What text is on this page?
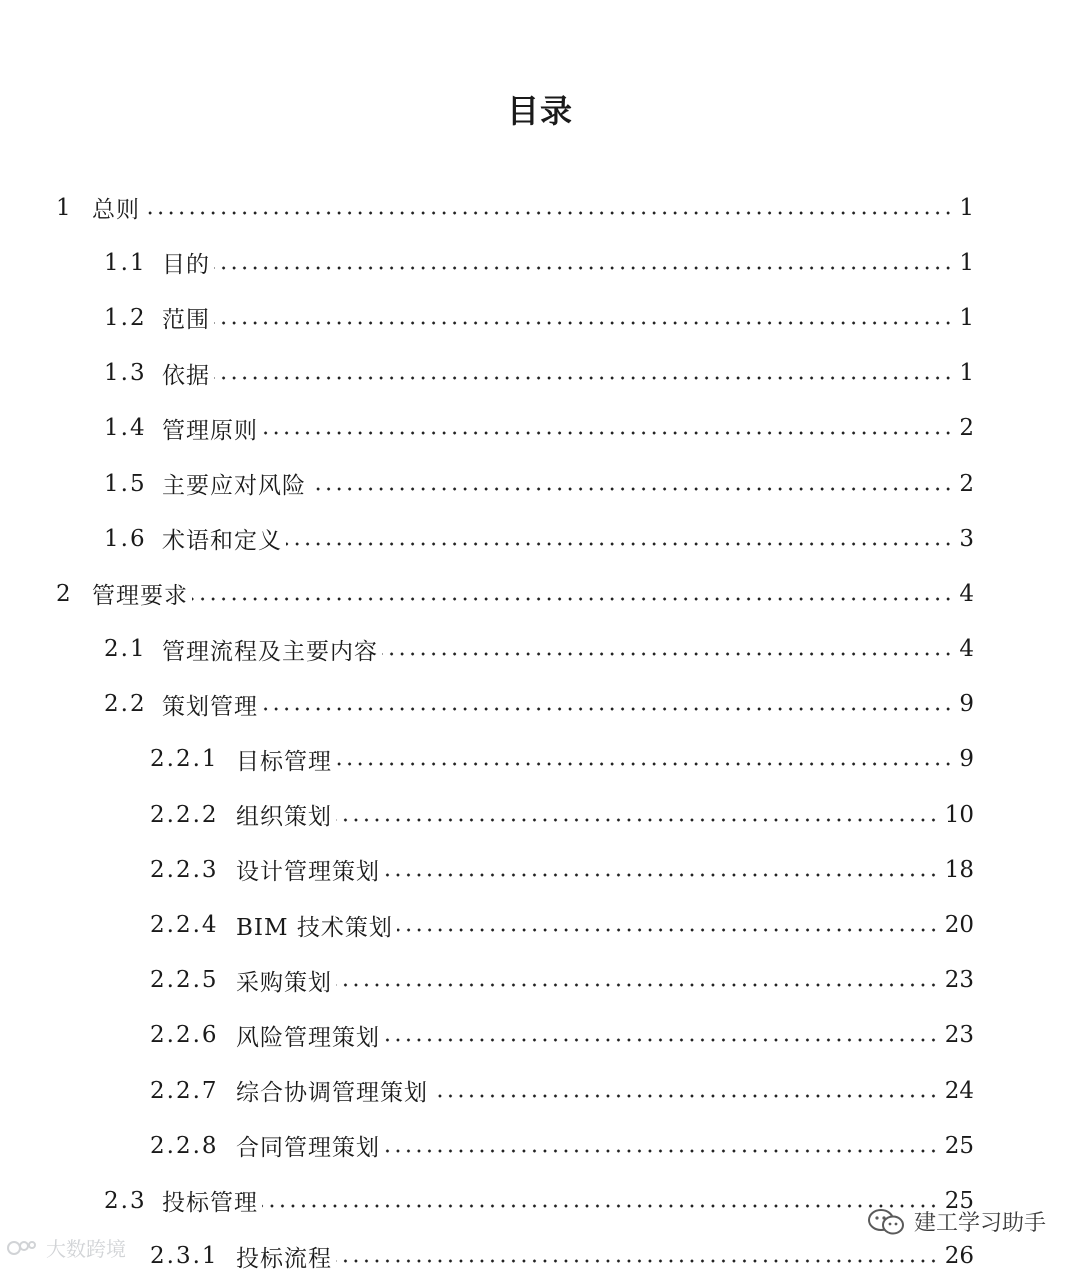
目录
1 总则	1
1.1 目的	1
1.2 范围	1
1.3 依据	1
1.4 管理原则	2
1.5 主要应对风险	2
1.6 术语和定义	3
2 管理要求	4
2.1 管理流程及主要内容	4
2.2 策划管理	9
2.2.1 目标管理	9
2.2.2 组织策划	10
2.2.3 设计管理策划	18
2.2.4 BIM 技术策划	20
2.2.5 采购策划	23
2.2.6 风险管理策划	23
2.2.7 综合协调管理策划	24
2.2.8 合同管理策划	25
2.3 投标管理	25
2.3.1 投标流程	26
大数跨境
建工学习助手
